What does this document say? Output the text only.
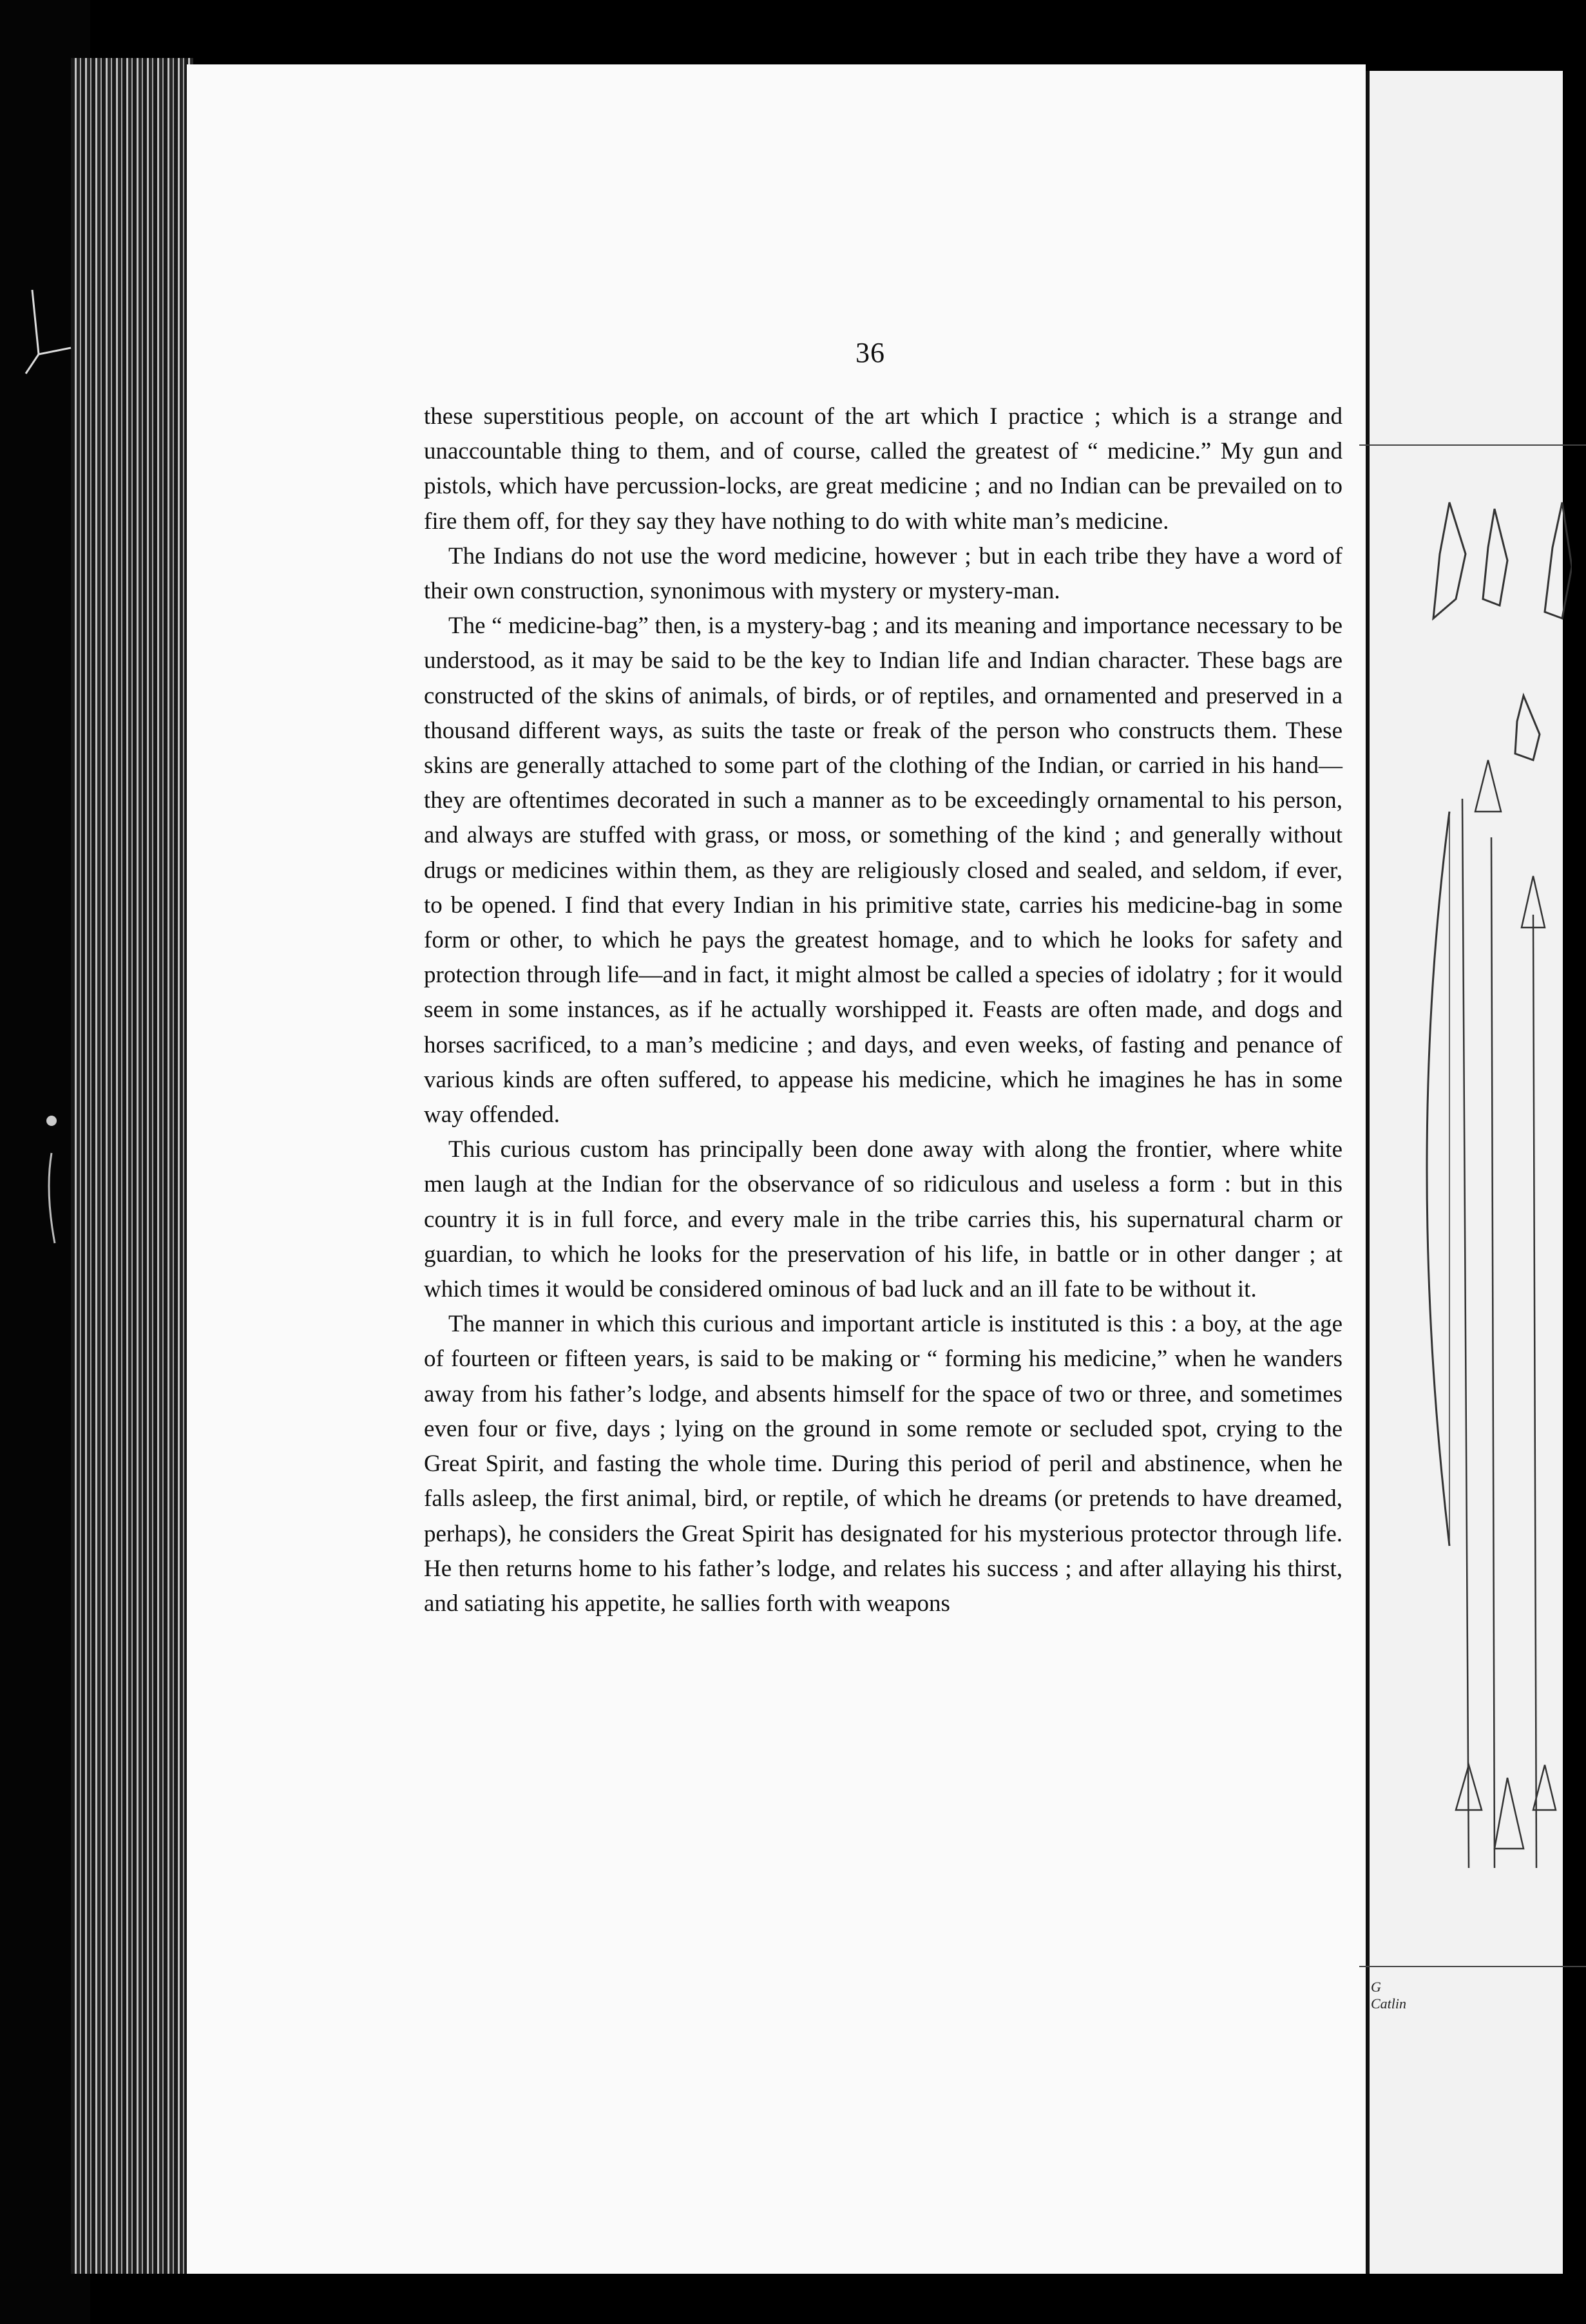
G Catlin
36

these superstitious people, on account of the art which I practice ; which is a strange and unaccountable thing to them, and of course, called the greatest of “ medicine.” My gun and pistols, which have percussion-locks, are great medicine ; and no Indian can be prevailed on to fire them off, for they say they have nothing to do with white man’s medicine.

The Indians do not use the word medicine, however ; but in each tribe they have a word of their own construction, synonimous with mystery or mystery-man.

The “ medicine-bag” then, is a mystery-bag ; and its meaning and importance necessary to be understood, as it may be said to be the key to Indian life and Indian character. These bags are constructed of the skins of animals, of birds, or of reptiles, and ornamented and preserved in a thousand different ways, as suits the taste or freak of the person who constructs them. These skins are generally attached to some part of the clothing of the Indian, or carried in his hand—they are oftentimes decorated in such a manner as to be exceedingly ornamental to his person, and always are stuffed with grass, or moss, or something of the kind ; and generally without drugs or medicines within them, as they are religiously closed and sealed, and seldom, if ever, to be opened. I find that every Indian in his primitive state, carries his medicine-bag in some form or other, to which he pays the greatest homage, and to which he looks for safety and protection through life—and in fact, it might almost be called a species of idolatry ; for it would seem in some instances, as if he actually worshipped it. Feasts are often made, and dogs and horses sacrificed, to a man’s medicine ; and days, and even weeks, of fasting and penance of various kinds are often suffered, to appease his medicine, which he imagines he has in some way offended.

This curious custom has principally been done away with along the frontier, where white men laugh at the Indian for the observance of so ridiculous and useless a form : but in this country it is in full force, and every male in the tribe carries this, his supernatural charm or guardian, to which he looks for the preservation of his life, in battle or in other danger ; at which times it would be considered ominous of bad luck and an ill fate to be without it.

The manner in which this curious and important article is instituted is this : a boy, at the age of fourteen or fifteen years, is said to be making or “ forming his medicine,” when he wanders away from his father’s lodge, and absents himself for the space of two or three, and sometimes even four or five, days ; lying on the ground in some remote or secluded spot, crying to the Great Spirit, and fasting the whole time. During this period of peril and abstinence, when he falls asleep, the first animal, bird, or reptile, of which he dreams (or pretends to have dreamed, perhaps), he considers the Great Spirit has designated for his mysterious protector through life. He then returns home to his father’s lodge, and relates his success ; and after allaying his thirst, and satiating his appetite, he sallies forth with weapons
